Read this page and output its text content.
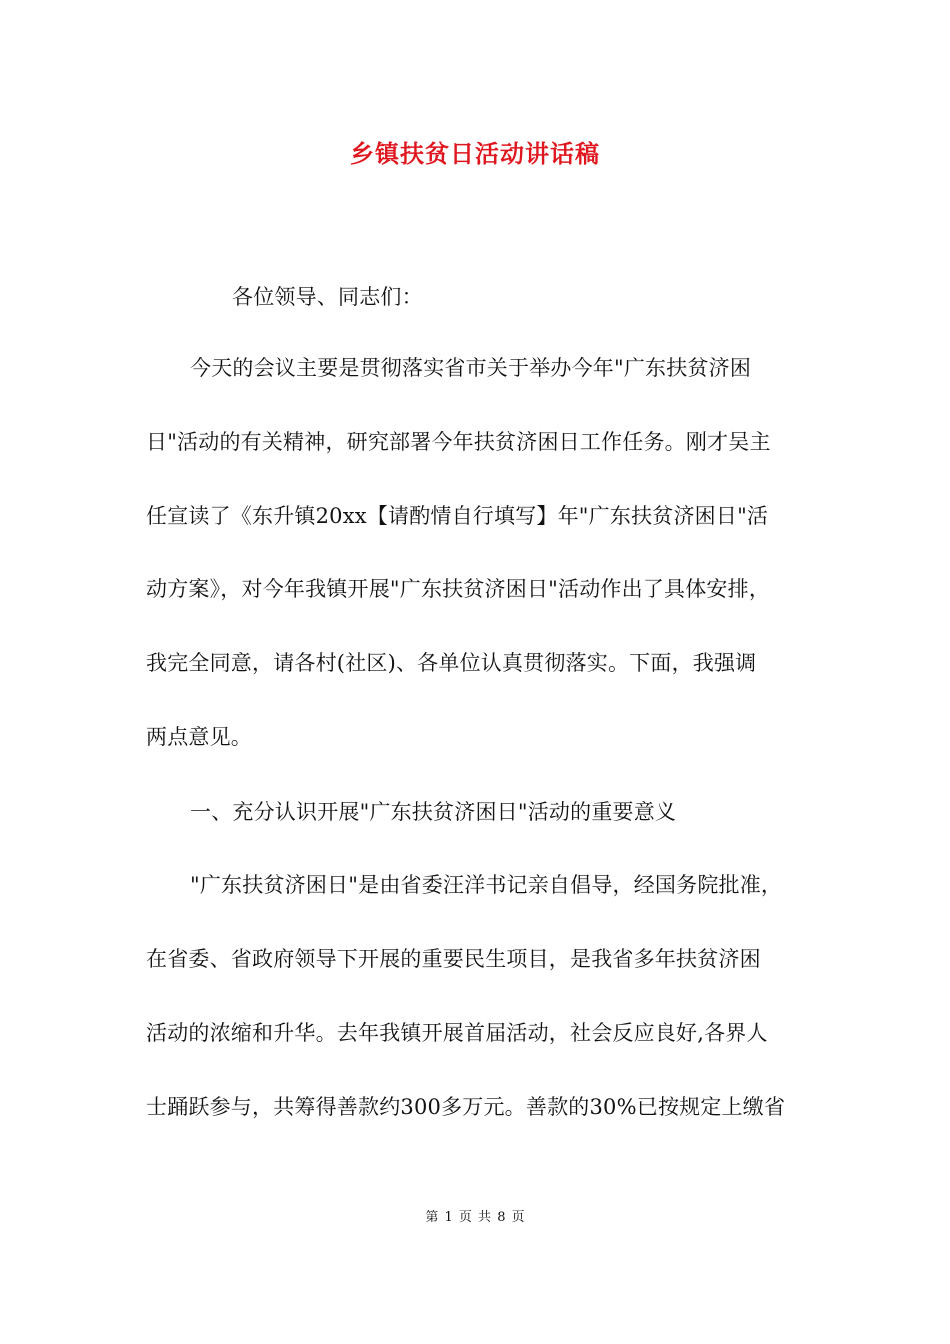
乡镇扶贫日活动讲话稿
各位领导、同志们：
今天的会议主要是贯彻落实省市关于举办今年"广东扶贫济困
日"活动的有关精神，研究部署今年扶贫济困日工作任务。刚才吴主
任宣读了《东升镇20xx【请酌情自行填写】年"广东扶贫济困日"活
动方案》，对今年我镇开展"广东扶贫济困日"活动作出了具体安排，
我完全同意，请各村(社区)、各单位认真贯彻落实。下面，我强调
两点意见。
一、充分认识开展"广东扶贫济困日"活动的重要意义
"广东扶贫济困日"是由省委汪洋书记亲自倡导，经国务院批准，
在省委、省政府领导下开展的重要民生项目，是我省多年扶贫济困
活动的浓缩和升华。去年我镇开展首届活动，社会反应良好,各界人
士踊跃参与，共筹得善款约300多万元。善款的30%已按规定上缴省
第 1 页 共 8 页
